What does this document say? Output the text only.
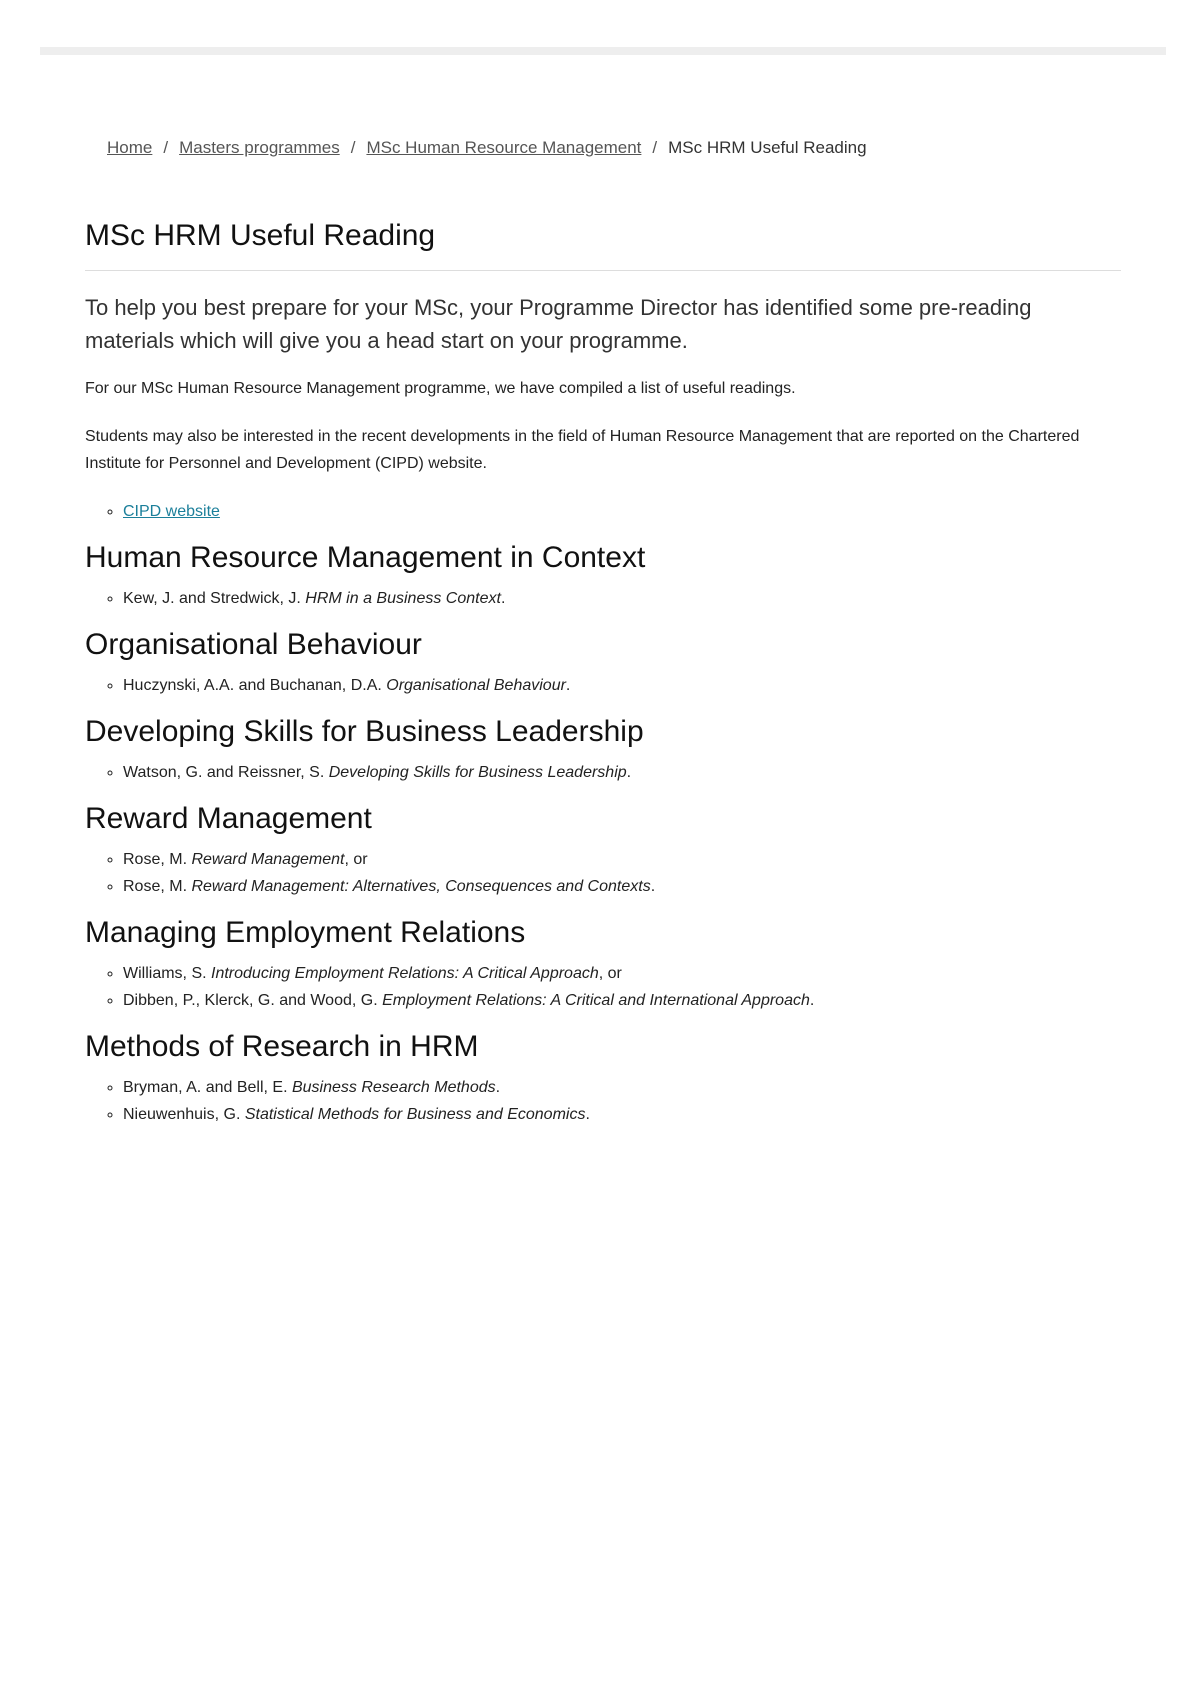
Home / Masters programmes / MSc Human Resource Management / MSc HRM Useful Reading
MSc HRM Useful Reading

To help you best prepare for your MSc, your Programme Director has identified some pre-reading materials which will give you a head start on your programme.

For our MSc Human Resource Management programme, we have compiled a list of useful readings.

Students may also be interested in the recent developments in the field of Human Resource Management that are reported on the Chartered Institute for Personnel and Development (CIPD) website.

◦ CIPD website
Human Resource Management in Context
◦ Kew, J. and Stredwick, J. HRM in a Business Context.
Organisational Behaviour
◦ Huczynski, A.A. and Buchanan, D.A. Organisational Behaviour.
Developing Skills for Business Leadership
◦ Watson, G. and Reissner, S. Developing Skills for Business Leadership.
Reward Management
◦ Rose, M. Reward Management, or
◦ Rose, M. Reward Management: Alternatives, Consequences and Contexts.
Managing Employment Relations
◦ Williams, S. Introducing Employment Relations: A Critical Approach, or
◦ Dibben, P., Klerck, G. and Wood, G. Employment Relations: A Critical and International Approach.
Methods of Research in HRM
◦ Bryman, A. and Bell, E. Business Research Methods.
◦ Nieuwenhuis, G. Statistical Methods for Business and Economics.
